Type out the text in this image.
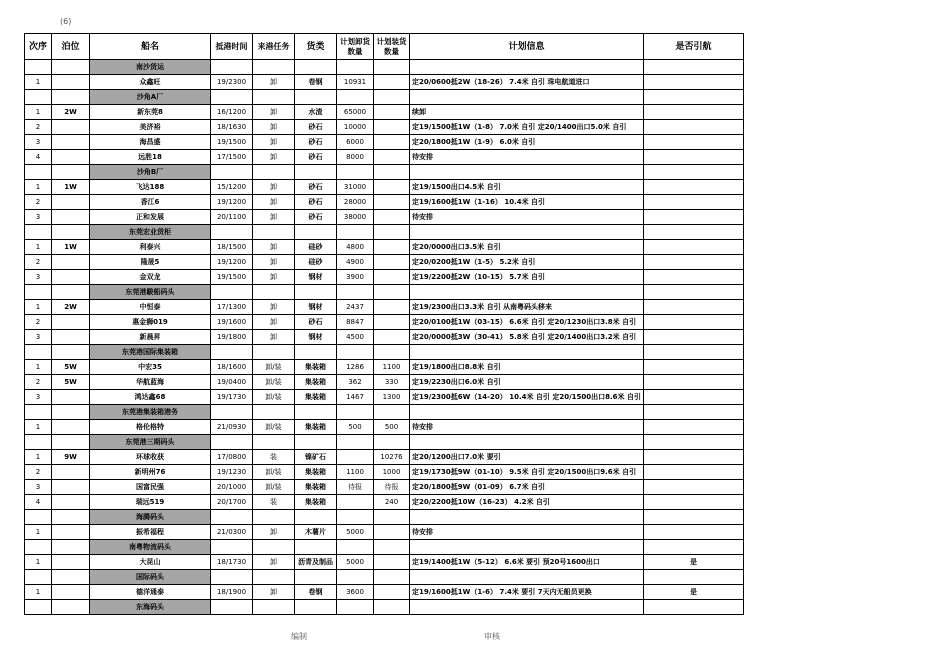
(6)
次序	泊位	船名	抵港时间	来港任务	货类	计划卸货数量	计划装货数量	计划信息	是否引航
		南沙货运							
1		众鑫旺	19/2300	卸	卷钢	10931		定20/0600抵2W（18-26） 7.4米 自引 珠电航道进口	
		沙角A厂							
1	2W	新东莞8	16/1200	卸	水渣	65000		续卸	
2		美济裕	18/1630	卸	砂石	10000		定19/1500抵1W（1-8） 7.0米 自引 定20/1400出口5.0米 自引	
3		海昌盛	19/1500	卸	砂石	6000		定20/1800抵1W（1-9） 6.0米 自引	
4		远胜18	17/1500	卸	砂石	8000		待安排	
		沙角B厂							
1	1W	飞达188	15/1200	卸	砂石	31000		定19/1500出口4.5米 自引	
2		香江6	19/1200	卸	砂石	28000		定19/1600抵1W（1-16） 10.4米 自引	
3		正和发展	20/1100	卸	砂石	38000		待安排	
		东莞宏业货柜							
1	1W	利泰兴	18/1500	卸	硅砂	4800		定20/0000出口3.5米 自引	
2		隆晟5	19/1200	卸	硅砂	4900		定20/0200抵1W（1-5） 5.2米 自引	
3		金双龙	19/1500	卸	钢材	3900		定19/2200抵2W（10-15） 5.7米 自引	
		东莞港駿船码头							
1	2W	中恒泰	17/1300	卸	钢材	2437		定19/2300出口3.3米 自引 从南粤码头移来	
2		惠金狮019	19/1600	卸	砂石	8847		定20/0100抵1W（03-15） 6.6米 自引 定20/1230出口3.8米 自引	
3		新晨昇	19/1800	卸	钢材	4500		定20/0000抵3W（30-41） 5.8米 自引 定20/1400出口3.2米 自引	
		东莞港国际集装箱							
1	5W	中宏35	18/1600	卸/装	集装箱	1286	1100	定19/1800出口8.8米 自引	
2	5W	华航蓝海	19/0400	卸/装	集装箱	362	330	定19/2230出口6.0米 自引	
3		鸿达鑫68	19/1730	卸/装	集装箱	1467	1300	定19/2300抵6W（14-20） 10.4米 自引 定20/1500出口8.6米 自引	
		东莞港集装箱港务							
1		格伦格特	21/0930	卸/装	集装箱	500	500	待安排	
		东莞港三期码头							
1	9W	环球收获	17/0800	装	镍矿石		10276	定20/1200出口7.0米 要引	
2		新明州76	19/1230	卸/装	集装箱	1100	1000	定19/1730抵9W（01-10） 9.5米 自引 定20/1500出口9.6米 自引	
3		国富民强	20/1000	卸/装	集装箱	待报	待报	定20/1800抵9W（01-09） 6.7米 自引	
4		瑞远519	20/1700	装	集装箱		240	定20/2200抵10W（16-23） 4.2米 自引	
		海腾码头							
1		振希福程	21/0300	卸	木薯片	5000		待安排	
		南粤物流码头							
1		大昆山	18/1730	卸	沥青及制品	5000		定19/1400抵1W（5-12） 6.6米 要引 预20号1600出口	是
		国际码头							
1		德洋通泰	18/1900	卸	卷钢	3600		定19/1600抵1W（1-6） 7.4米 要引 7天内无船员更换	是
		东海码头							
编制	审核
